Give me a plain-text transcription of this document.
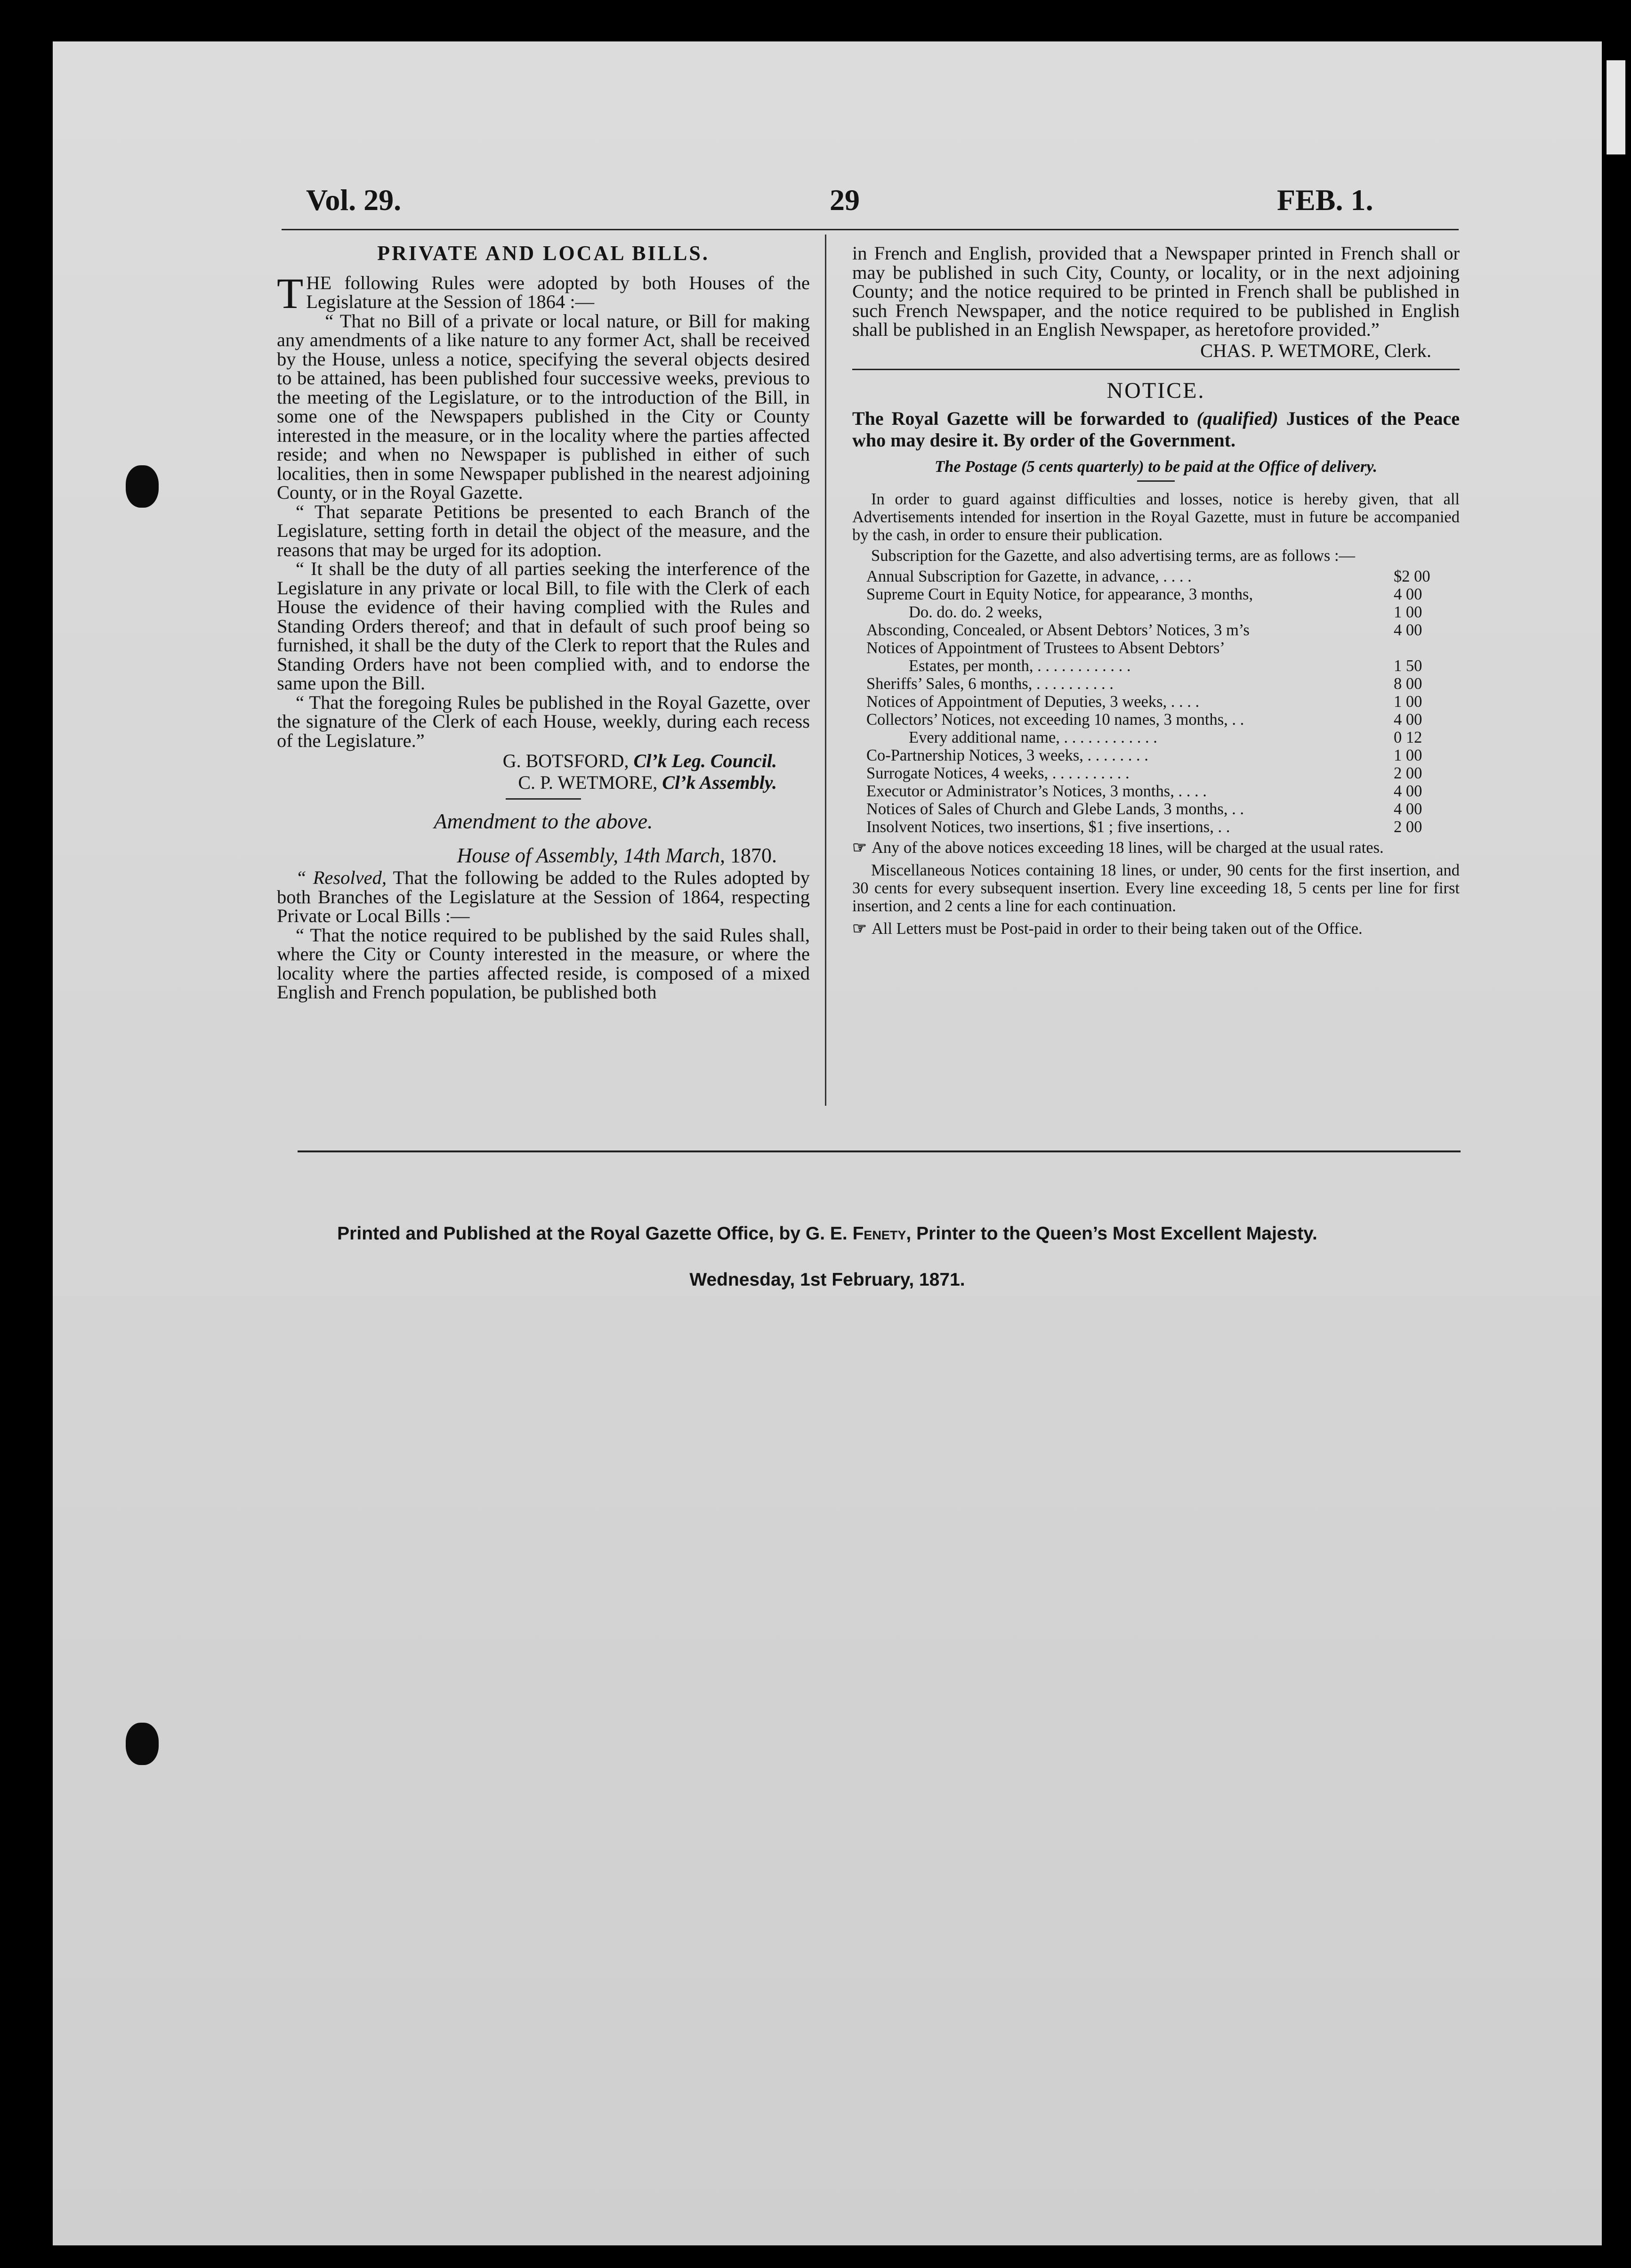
Vol. 29.	29	FEB. 1.
PRIVATE AND LOCAL BILLS.

THE following Rules were adopted by both Houses of the Legislature at the Session of 1864 :—

“ That no Bill of a private or local nature, or Bill for making any amendments of a like nature to any former Act, shall be received by the House, unless a notice, specifying the several objects desired to be attained, has been published four successive weeks, previous to the meeting of the Legislature, or to the introduction of the Bill, in some one of the Newspapers published in the City or County interested in the measure, or in the locality where the parties affected reside; and when no Newspaper is published in either of such localities, then in some Newspaper published in the nearest adjoining County, or in the Royal Gazette.

“ That separate Petitions be presented to each Branch of the Legislature, setting forth in detail the object of the measure, and the reasons that may be urged for its adoption.

“ It shall be the duty of all parties seeking the interference of the Legislature in any private or local Bill, to file with the Clerk of each House the evidence of their having complied with the Rules and Standing Orders thereof; and that in default of such proof being so furnished, it shall be the duty of the Clerk to report that the Rules and Standing Orders have not been complied with, and to endorse the same upon the Bill.

“ That the foregoing Rules be published in the Royal Gazette, over the signature of the Clerk of each House, weekly, during each recess of the Legislature.”

G. BOTSFORD, Cl’k Leg. Council.
C. P. WETMORE, Cl’k Assembly.

Amendment to the above.

House of Assembly, 14th March, 1870.

“ Resolved, That the following be added to the Rules adopted by both Branches of the Legislature at the Session of 1864, respecting Private or Local Bills :—

“ That the notice required to be published by the said Rules shall, where the City or County interested in the measure, or where the locality where the parties affected reside, is composed of a mixed English and French population, be published both

in French and English, provided that a Newspaper printed in French shall or may be published in such City, County, or locality, or in the next adjoining County; and the notice required to be printed in French shall be published in such French Newspaper, and the notice required to be published in English shall be published in an English Newspaper, as heretofore provided.”

CHAS. P. WETMORE, Clerk.
NOTICE.

The Royal Gazette will be forwarded to (qualified) Justices of the Peace who may desire it. By order of the Government.

The Postage (5 cents quarterly) to be paid at the Office of delivery.

In order to guard against difficulties and losses, notice is hereby given, that all Advertisements intended for insertion in the Royal Gazette, must in future be accompanied by the cash, in order to ensure their publication.

Subscription for the Gazette, and also advertising terms, are as follows :—

Annual Subscription for Gazette, in advance, . . . .	$2 00
Supreme Court in Equity Notice, for appearance, 3 months,	4 00
Do. do. do. 2 weeks,	1 00
Absconding, Concealed, or Absent Debtors’ Notices, 3 m’s	4 00
Notices of Appointment of Trustees to Absent Debtors’
Estates, per month, . . . . . . . . . . . .	1 50
Sheriffs’ Sales, 6 months, . . . . . . . . . .	8 00
Notices of Appointment of Deputies, 3 weeks, . . . .	1 00
Collectors’ Notices, not exceeding 10 names, 3 months, . .	4 00
Every additional name, . . . . . . . . . . . .	0 12
Co-Partnership Notices, 3 weeks, . . . . . . . .	1 00
Surrogate Notices, 4 weeks, . . . . . . . . . .	2 00
Executor or Administrator’s Notices, 3 months, . . . .	4 00
Notices of Sales of Church and Glebe Lands, 3 months, . .	4 00
Insolvent Notices, two insertions, $1 ; five insertions, . .	2 00

☞ Any of the above notices exceeding 18 lines, will be charged at the usual rates.

Miscellaneous Notices containing 18 lines, or under, 90 cents for the first insertion, and 30 cents for every subsequent insertion. Every line exceeding 18, 5 cents per line for first insertion, and 2 cents a line for each continuation.

☞ All Letters must be Post-paid in order to their being taken out of the Office.

Printed and Published at the Royal Gazette Office, by G. E. Fenety, Printer to the Queen’s Most Excellent Majesty.
Wednesday, 1st February, 1871.
